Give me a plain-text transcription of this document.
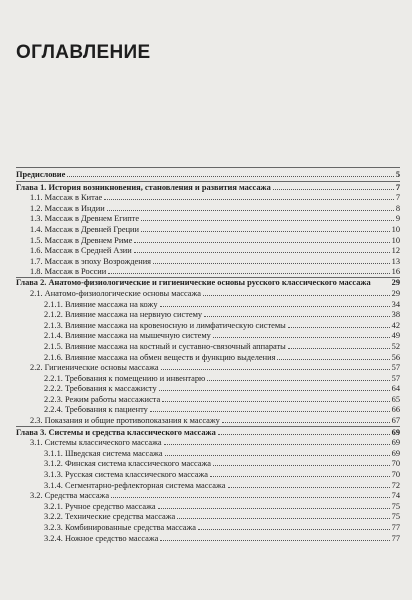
ОГЛАВЛЕНИЕ
Предисловие	5
Глава 1. История возникновения, становления и развития массажа	7
1.1. Массаж в Китае	7
1.2. Массаж в Индии	8
1.3. Массаж в Древнем Египте	9
1.4. Массаж в Древней Греции	10
1.5. Массаж в Древнем Риме	10
1.6. Массаж в Средней Азии	12
1.7. Массаж в эпоху Возрождения	13
1.8. Массаж в России	16
Глава 2. Анатомо-физиологические и гигиенические основы русского классического массажа 29
2.1. Анатомо-физиологические основы массажа	29
2.1.1. Влияние массажа на кожу	34
2.1.2. Влияние массажа на нервную систему	38
2.1.3. Влияние массажа на кровеносную и лимфатическую системы	42
2.1.4. Влияние массажа на мышечную систему	49
2.1.5. Влияние массажа на костный и суставно-связочный аппараты	52
2.1.6. Влияние массажа на обмен веществ и функцию выделения	56
2.2. Гигиенические основы массажа	57
2.2.1. Требования к помещению и инвентарю	57
2.2.2. Требования к массажисту	64
2.2.3. Режим работы массажиста	65
2.2.4. Требования к пациенту	66
2.3. Показания и общие противопоказания к массажу	67
Глава 3. Системы и средства классического массажа	69
3.1. Системы классического массажа	69
3.1.1. Шведская система массажа	69
3.1.2. Финская система классического массажа	70
3.1.3. Русская система классического массажа	70
3.1.4. Сегментарно-рефлекторная система массажа	72
3.2. Средства массажа	74
3.2.1. Ручное средство массажа	75
3.2.2. Технические средства массажа	75
3.2.3. Комбинированные средства массажа	77
3.2.4. Ножное средство массажа	77
